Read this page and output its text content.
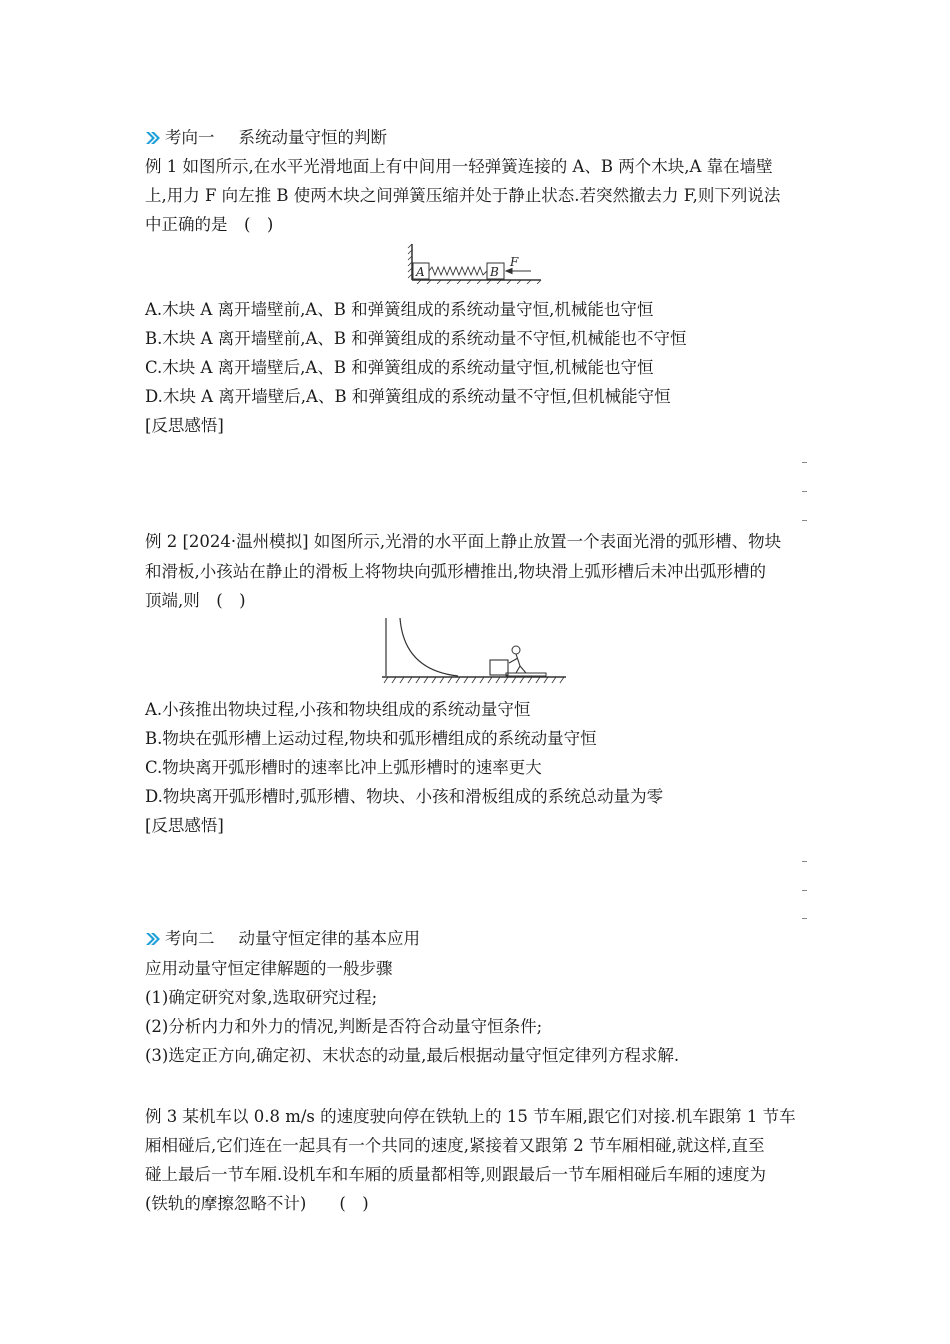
考向一 系统动量守恒的判断
例 1 如图所示,在水平光滑地面上有中间用一轻弹簧连接的 A、B 两个木块,A 靠在墙壁
上,用力 F 向左推 B 使两木块之间弹簧压缩并处于静止状态.若突然撤去力 F,则下列说法
中正确的是　(　)
A	B
F
A.木块 A 离开墙壁前,A、B 和弹簧组成的系统动量守恒,机械能也守恒
B.木块 A 离开墙壁前,A、B 和弹簧组成的系统动量不守恒,机械能也不守恒
C.木块 A 离开墙壁后,A、B 和弹簧组成的系统动量守恒,机械能也守恒
D.木块 A 离开墙壁后,A、B 和弹簧组成的系统动量不守恒,但机械能守恒
[反思感悟]
例 2 [2024·温州模拟] 如图所示,光滑的水平面上静止放置一个表面光滑的弧形槽、物块
和滑板,小孩站在静止的滑板上将物块向弧形槽推出,物块滑上弧形槽后未冲出弧形槽的
顶端,则　(　)
A.小孩推出物块过程,小孩和物块组成的系统动量守恒
B.物块在弧形槽上运动过程,物块和弧形槽组成的系统动量守恒
C.物块离开弧形槽时的速率比冲上弧形槽时的速率更大
D.物块离开弧形槽时,弧形槽、物块、小孩和滑板组成的系统总动量为零
[反思感悟]
考向二 动量守恒定律的基本应用
应用动量守恒定律解题的一般步骤
(1)确定研究对象,选取研究过程;
(2)分析内力和外力的情况,判断是否符合动量守恒条件;
(3)选定正方向,确定初、末状态的动量,最后根据动量守恒定律列方程求解.
例 3 某机车以 0.8 m/s 的速度驶向停在铁轨上的 15 节车厢,跟它们对接.机车跟第 1 节车
厢相碰后,它们连在一起具有一个共同的速度,紧接着又跟第 2 节车厢相碰,就这样,直至
碰上最后一节车厢.设机车和车厢的质量都相等,则跟最后一节车厢相碰后车厢的速度为
(铁轨的摩擦忽略不计)　　(　)
